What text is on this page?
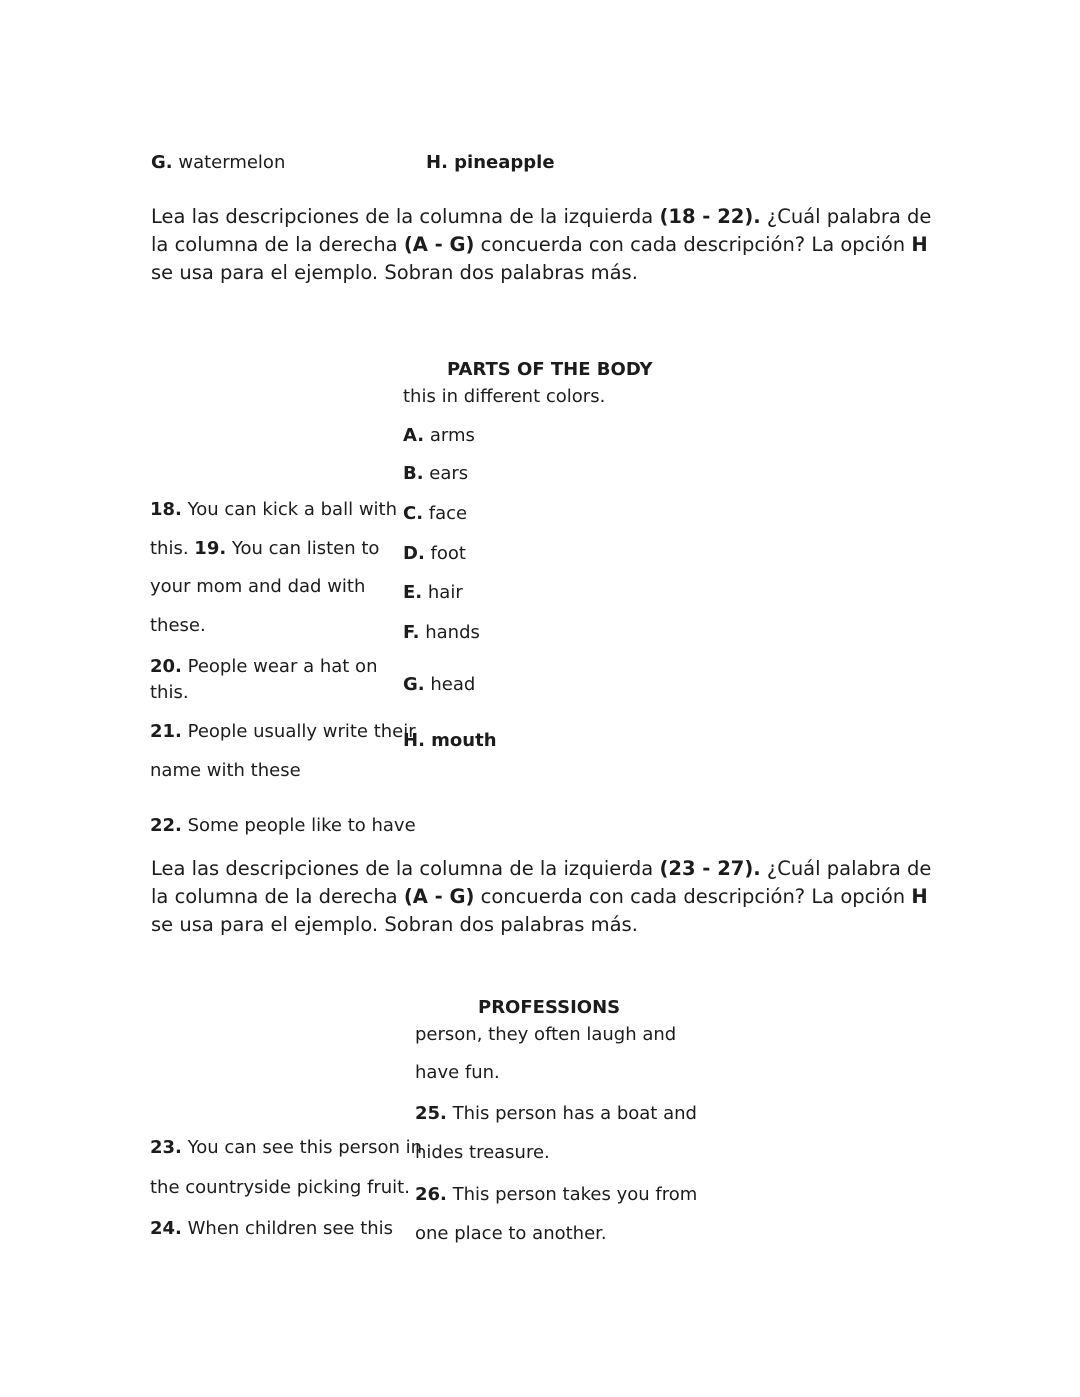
G. watermelon	H. pineapple
Lea las descripciones de la columna de la izquierda (18 - 22). ¿Cuál palabra de la columna de la derecha (A - G) concuerda con cada descripción? La opción H se usa para el ejemplo. Sobran dos palabras más.
PARTS OF THE BODY
this in different colors.
A. arms
B. ears
C. face
D. foot
E. hair
F. hands
G. head
H. mouth
18. You can kick a ball with
this. 19. You can listen to
your mom and dad with
these.
20. People wear a hat on
this.
21. People usually write their
name with these
22. Some people like to have
Lea las descripciones de la columna de la izquierda (23 - 27). ¿Cuál palabra de la columna de la derecha (A - G) concuerda con cada descripción? La opción H se usa para el ejemplo. Sobran dos palabras más.
PROFESSIONS
person, they often laugh and
have fun.
25. This person has a boat and
hides treasure.
26. This person takes you from
one place to another.
23. You can see this person in
the countryside picking fruit.
24. When children see this
